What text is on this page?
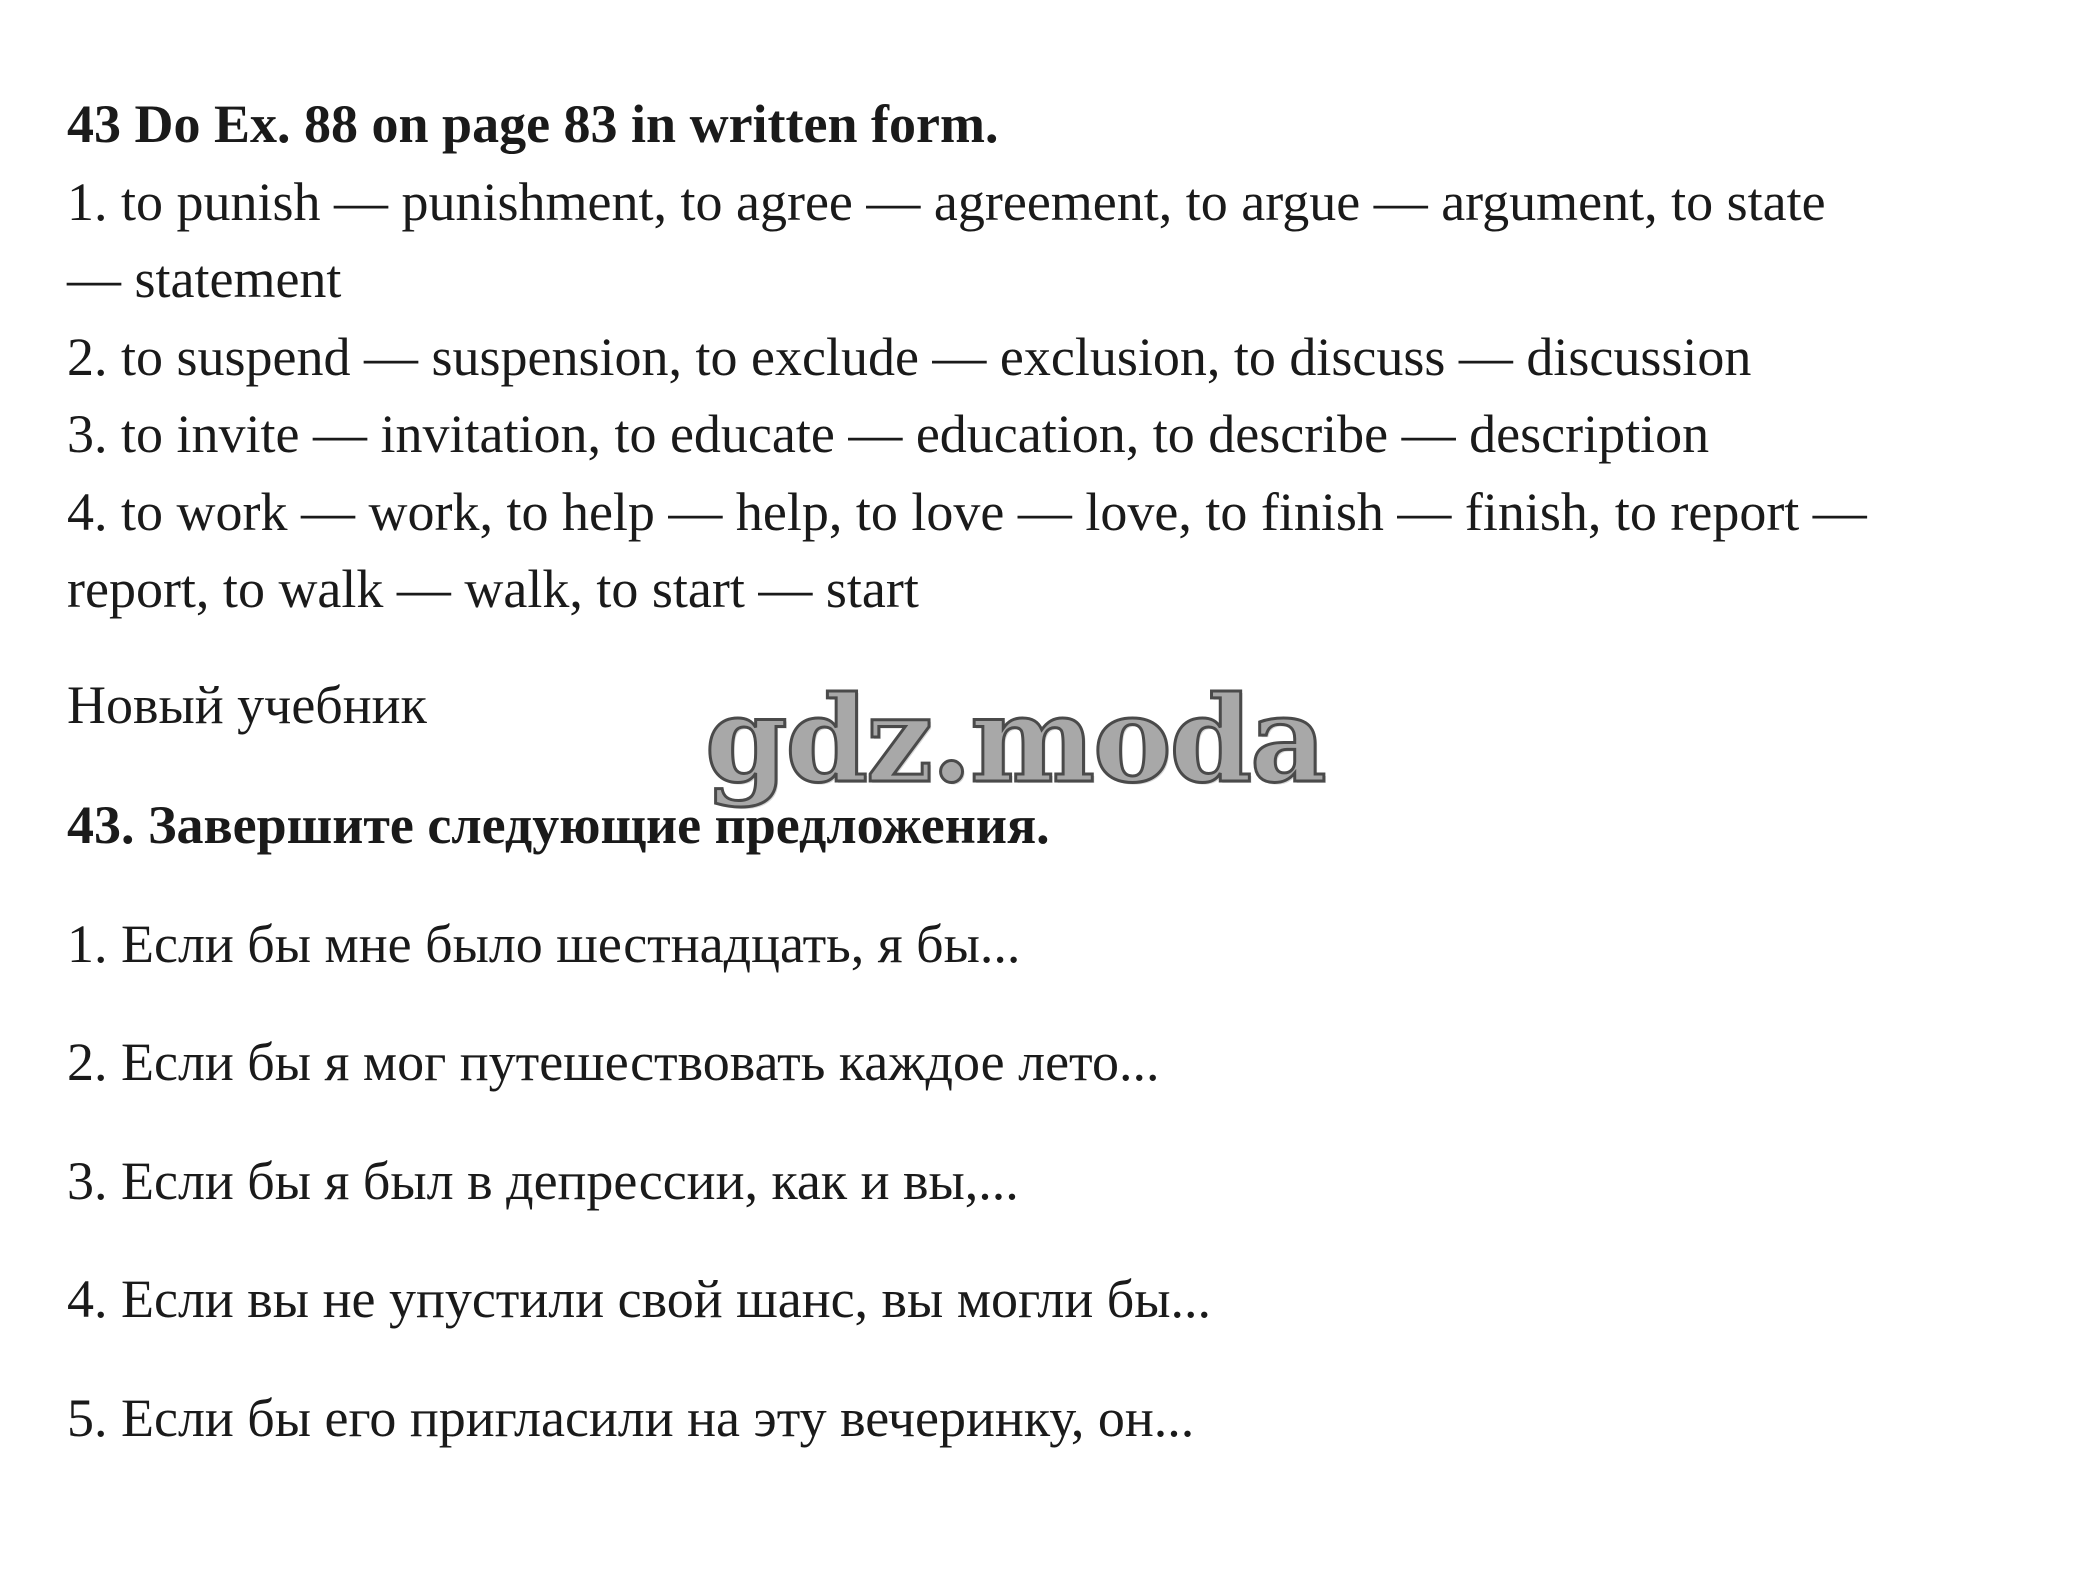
43 Do Ex. 88 on page 83 in written form.

1. to punish — punishment, to agree — agreement, to argue — argument, to state

— statement

2. to suspend — suspension, to exclude — exclusion, to discuss — discussion

3. to invite — invitation, to educate — education, to describe — description

4. to work — work, to help — help, to love — love, to finish — finish, to report —

report, to walk — walk, to start — start

Новый учебник

43. Завершите следующие предложения.

1. Если бы мне было шестнадцать, я бы...

2. Если бы я мог путешествовать каждое лето...

3. Если бы я был в депрессии, как и вы,...

4. Если вы не упустили свой шанс, вы могли бы...

5. Если бы его пригласили на эту вечеринку, он...

gdz.moda
